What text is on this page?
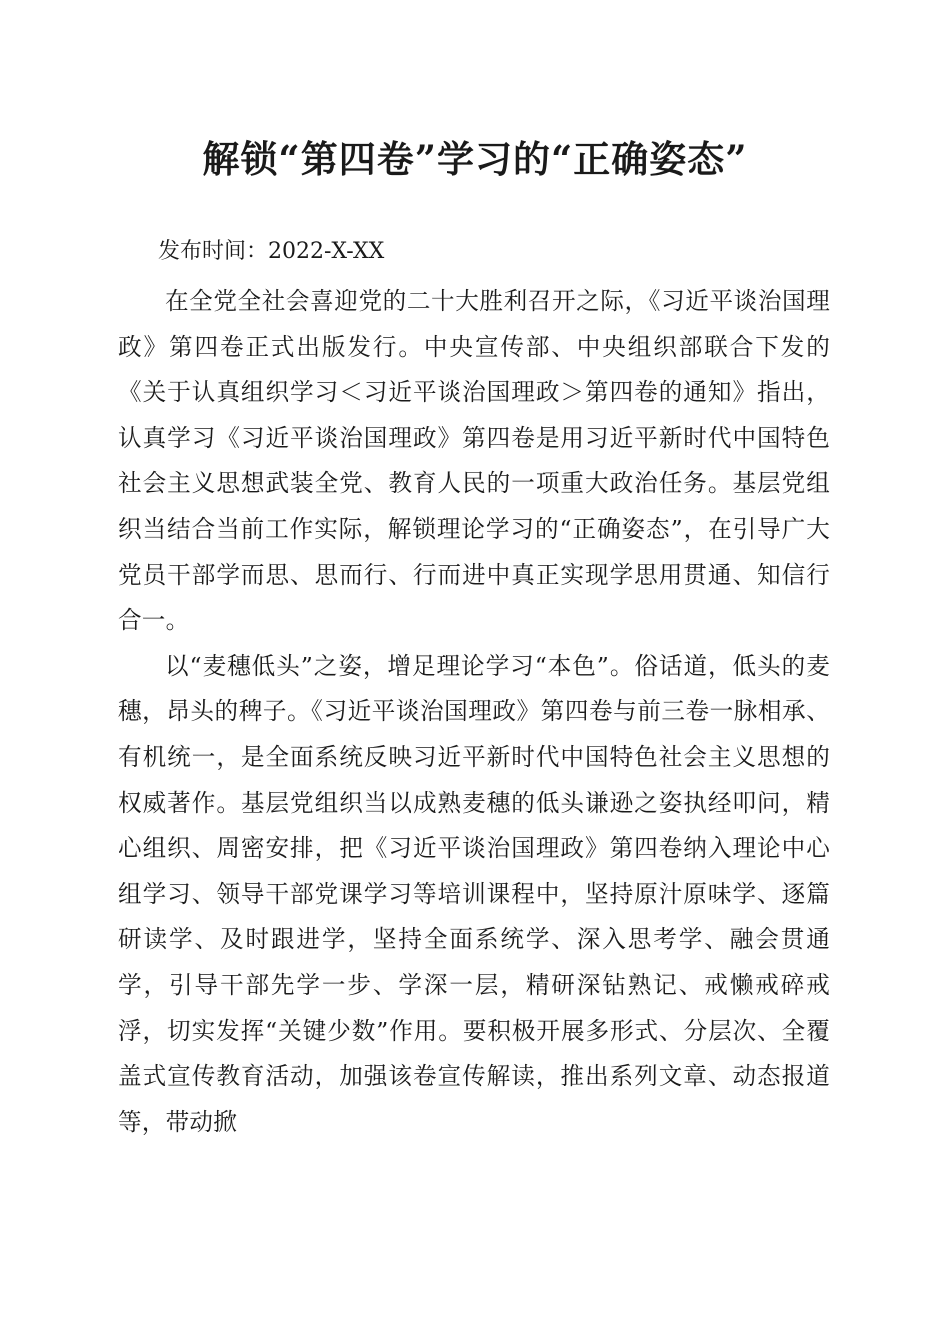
解锁“第四卷”学习的“正确姿态”

发布时间：2022-X-XX

在全党全社会喜迎党的二十大胜利召开之际，《习近平谈治国理政》第四卷正式出版发行。中央宣传部、中央组织部联合下发的《关于认真组织学习＜习近平谈治国理政＞第四卷的通知》指出，认真学习《习近平谈治国理政》第四卷是用习近平新时代中国特色社会主义思想武装全党、教育人民的一项重大政治任务。基层党组织当结合当前工作实际，解锁理论学习的“正确姿态”，在引导广大党员干部学而思、思而行、行而进中真正实现学思用贯通、知信行合一。

以“麦穗低头”之姿，增足理论学习“本色”。俗话道，低头的麦穗，昂头的稗子。《习近平谈治国理政》第四卷与前三卷一脉相承、有机统一，是全面系统反映习近平新时代中国特色社会主义思想的权威著作。基层党组织当以成熟麦穗的低头谦逊之姿执经叩问，精心组织、周密安排，把《习近平谈治国理政》第四卷纳入理论中心组学习、领导干部党课学习等培训课程中，坚持原汁原味学、逐篇研读学、及时跟进学，坚持全面系统学、深入思考学、融会贯通学，引导干部先学一步、学深一层，精研深钻熟记、戒懒戒碎戒浮，切实发挥“关键少数”作用。要积极开展多形式、分层次、全覆盖式宣传教育活动，加强该卷宣传解读，推出系列文章、动态报道等，带动掀
